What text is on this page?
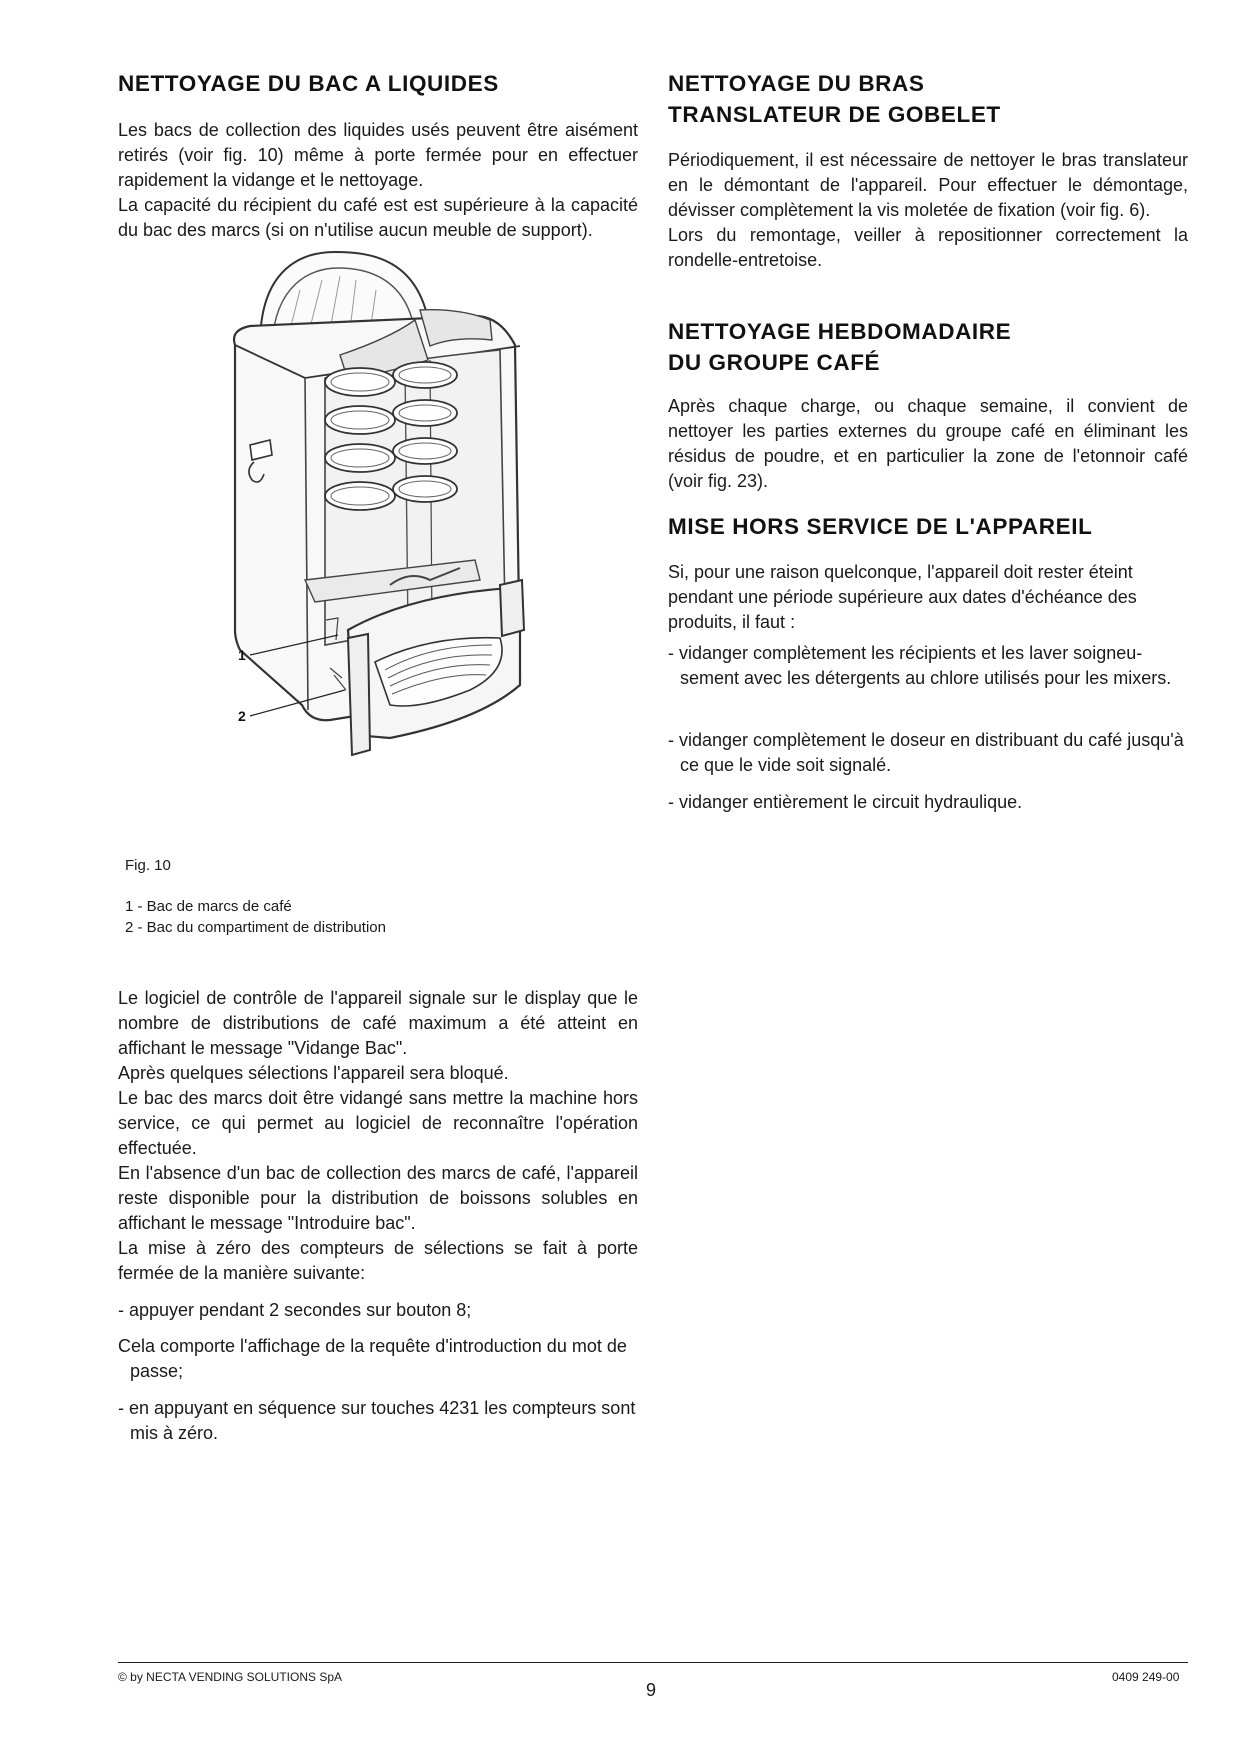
NETTOYAGE DU BAC A LIQUIDES

Les bacs de collection des liquides usés peuvent être aisément retirés (voir fig. 10) même à porte fermée pour en effectuer rapidement la vidange et le nettoyage.

La capacité du récipient du café est est supérieure à la capacité du bac des marcs (si on n'utilise aucun meuble de support).

1
2
Fig. 10
1 - Bac de marcs de café
2 - Bac du compartiment de distribution

Le logiciel de contrôle de l'appareil signale sur le display que le nombre de distributions de café maximum a été atteint en affichant le message "Vidange Bac".

Après quelques sélections l'appareil sera bloqué.

Le bac des marcs doit être vidangé sans mettre la machine hors service, ce qui permet au logiciel de reconnaître l'opération effectuée.

En l'absence d'un bac de collection des marcs de café, l'appareil reste disponible pour la distribution de boissons solubles en affichant le message "Introduire bac".

La mise à zéro des compteurs de sélections se fait à porte fermée de la manière suivante:

- appuyer pendant 2 secondes sur bouton 8;

Cela comporte l'affichage de la requête d'introduction du mot de passe;

- en appuyant en séquence sur touches 4231 les compteurs sont mis à zéro.

NETTOYAGE DU BRAS
TRANSLATEUR DE GOBELET

Périodiquement, il est nécessaire de nettoyer le bras translateur en le démontant de l'appareil. Pour effectuer le démontage, dévisser complètement la vis moletée de fixation (voir fig. 6).

Lors du remontage, veiller à repositionner correctement la rondelle-entretoise.

NETTOYAGE HEBDOMADAIRE
DU GROUPE CAFÉ

Après chaque charge, ou chaque semaine, il convient de nettoyer les parties externes du groupe café en éliminant les résidus de poudre, et en particulier la zone de l'etonnoir café (voir fig. 23).

MISE HORS SERVICE DE L'APPAREIL

Si, pour une raison quelconque, l'appareil doit rester éteint pendant une période supérieure aux dates d'échéance des produits, il faut :

- vidanger complètement les récipients et les laver soigneu-sement avec les détergents au chlore utilisés pour les mixers.

- vidanger complètement le doseur en distribuant du café jusqu'à ce que le vide soit signalé.

- vidanger entièrement le circuit hydraulique.

© by NECTA VENDING SOLUTIONS SpA
9
0409 249-00
